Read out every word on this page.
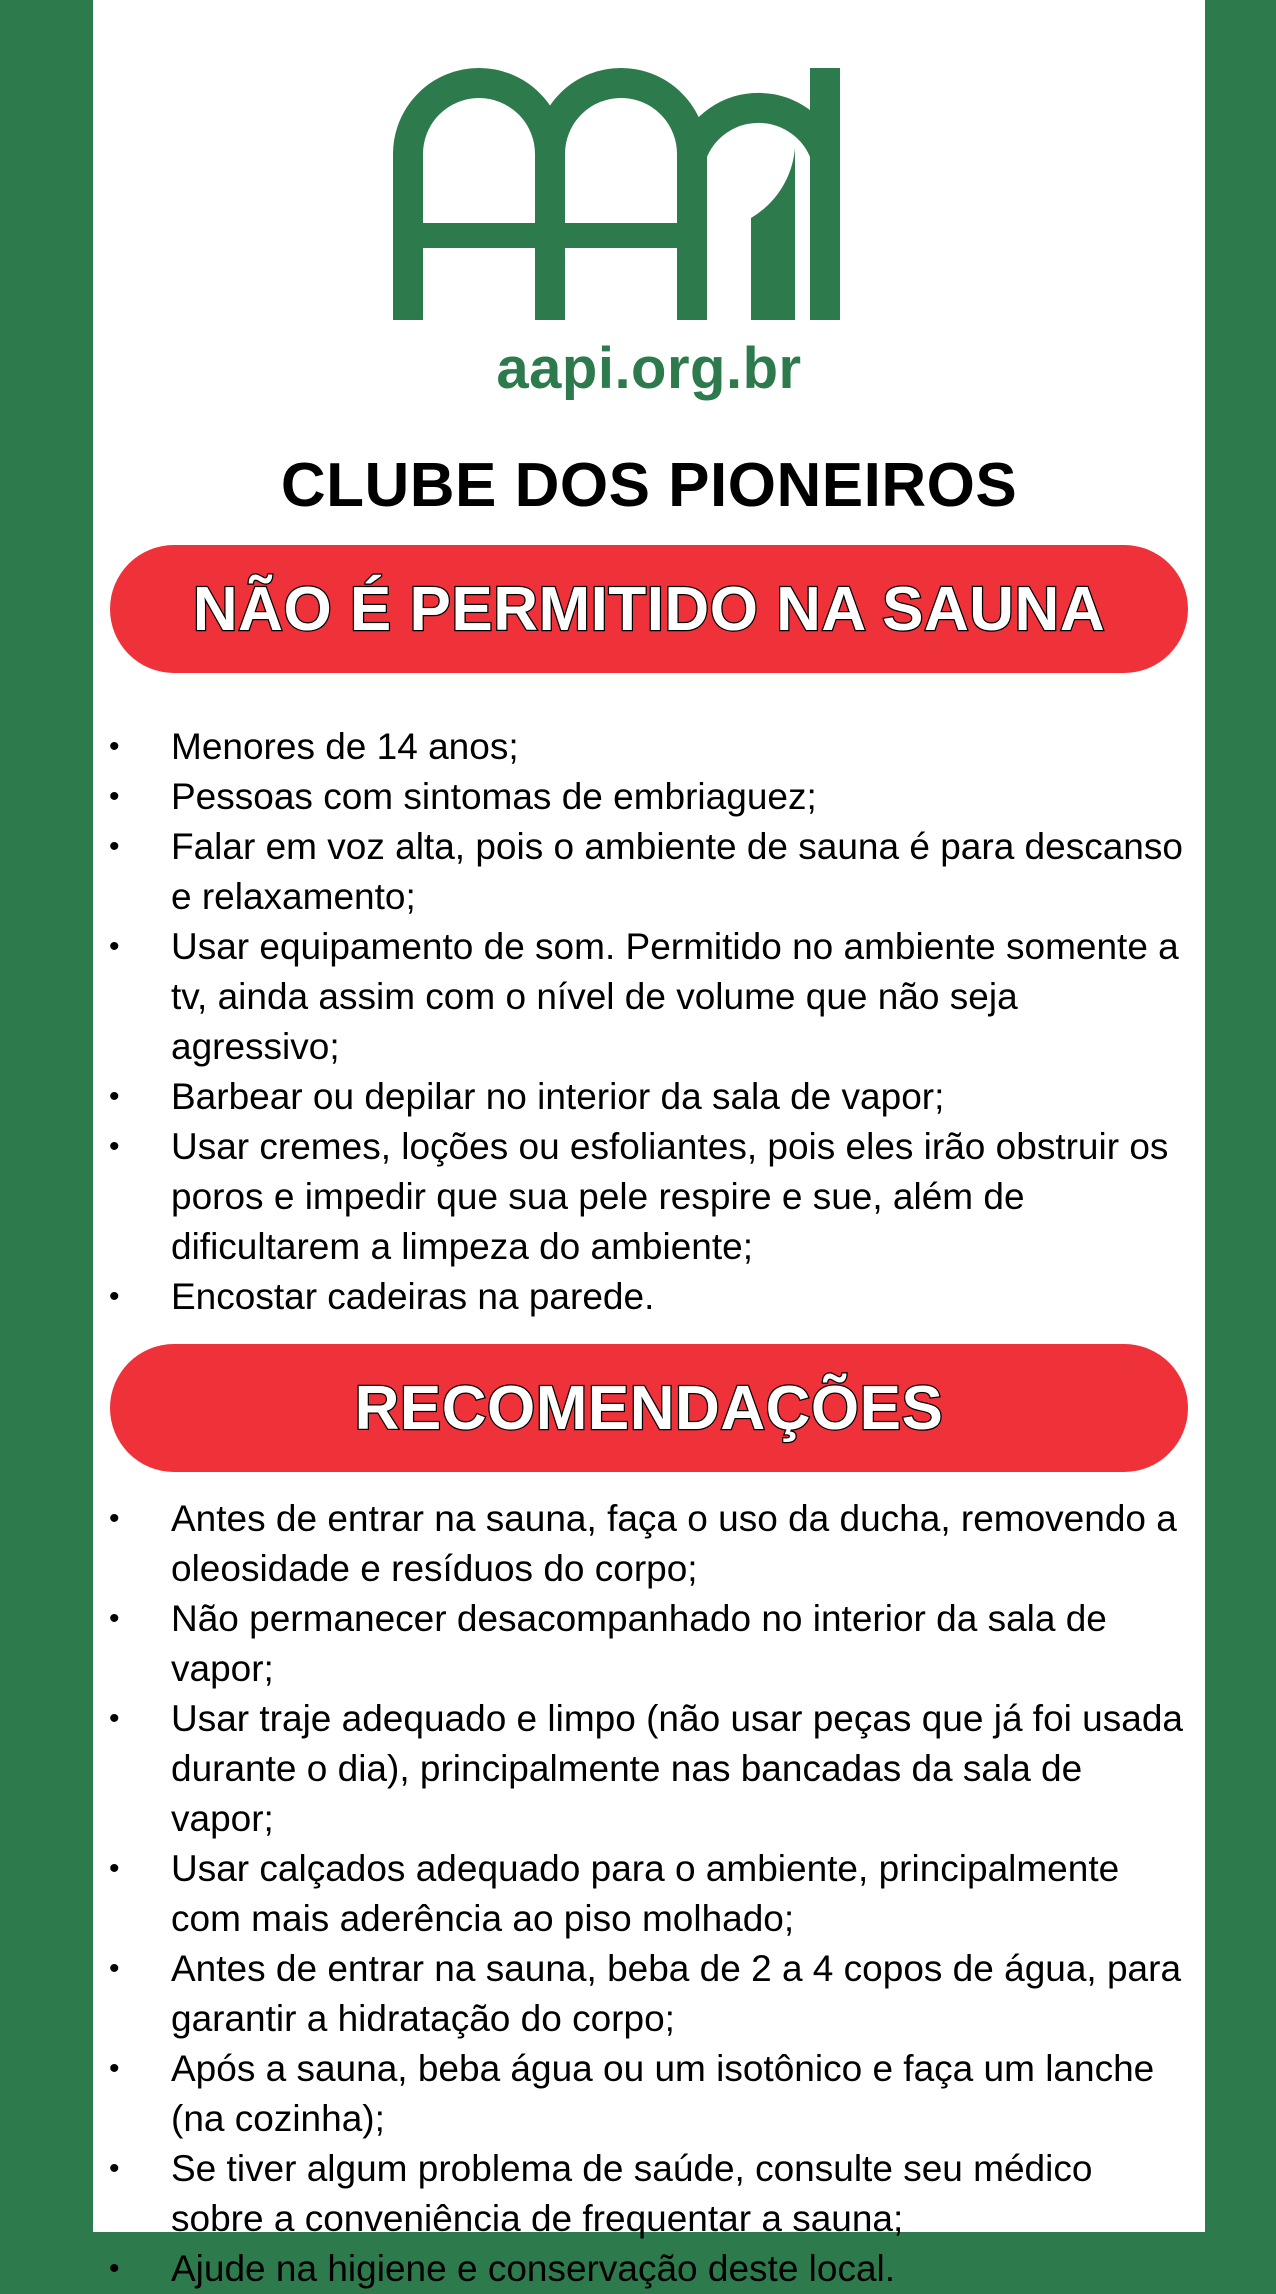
aapi.org.br
CLUBE DOS PIONEIROS
NÃO É PERMITIDO NA SAUNA
• Menores de 14 anos;
• Pessoas com sintomas de embriaguez;
• Falar em voz alta, pois o ambiente de sauna é para descanso e relaxamento;
• Usar equipamento de som. Permitido no ambiente somente a tv, ainda assim com o nível de volume que não seja agressivo;
• Barbear ou depilar no interior da sala de vapor;
• Usar cremes, loções ou esfoliantes, pois eles irão obstruir os poros e impedir que sua pele respire e sue, além de dificultarem a limpeza do ambiente;
• Encostar cadeiras na parede.
RECOMENDAÇÕES
• Antes de entrar na sauna, faça o uso da ducha, removendo a oleosidade e resíduos do corpo;
• Não permanecer desacompanhado no interior da sala de vapor;
• Usar traje adequado e limpo (não usar peças que já foi usada durante o dia), principalmente nas bancadas da sala de vapor;
• Usar calçados adequado para o ambiente, principalmente com mais aderência ao piso molhado;
• Antes de entrar na sauna, beba de 2 a 4 copos de água, para garantir a hidratação do corpo;
• Após a sauna, beba água ou um isotônico e faça um lanche (na cozinha);
• Se tiver algum problema de saúde, consulte seu médico sobre a conveniência de frequentar a sauna;
• Ajude na higiene e conservação deste local.
